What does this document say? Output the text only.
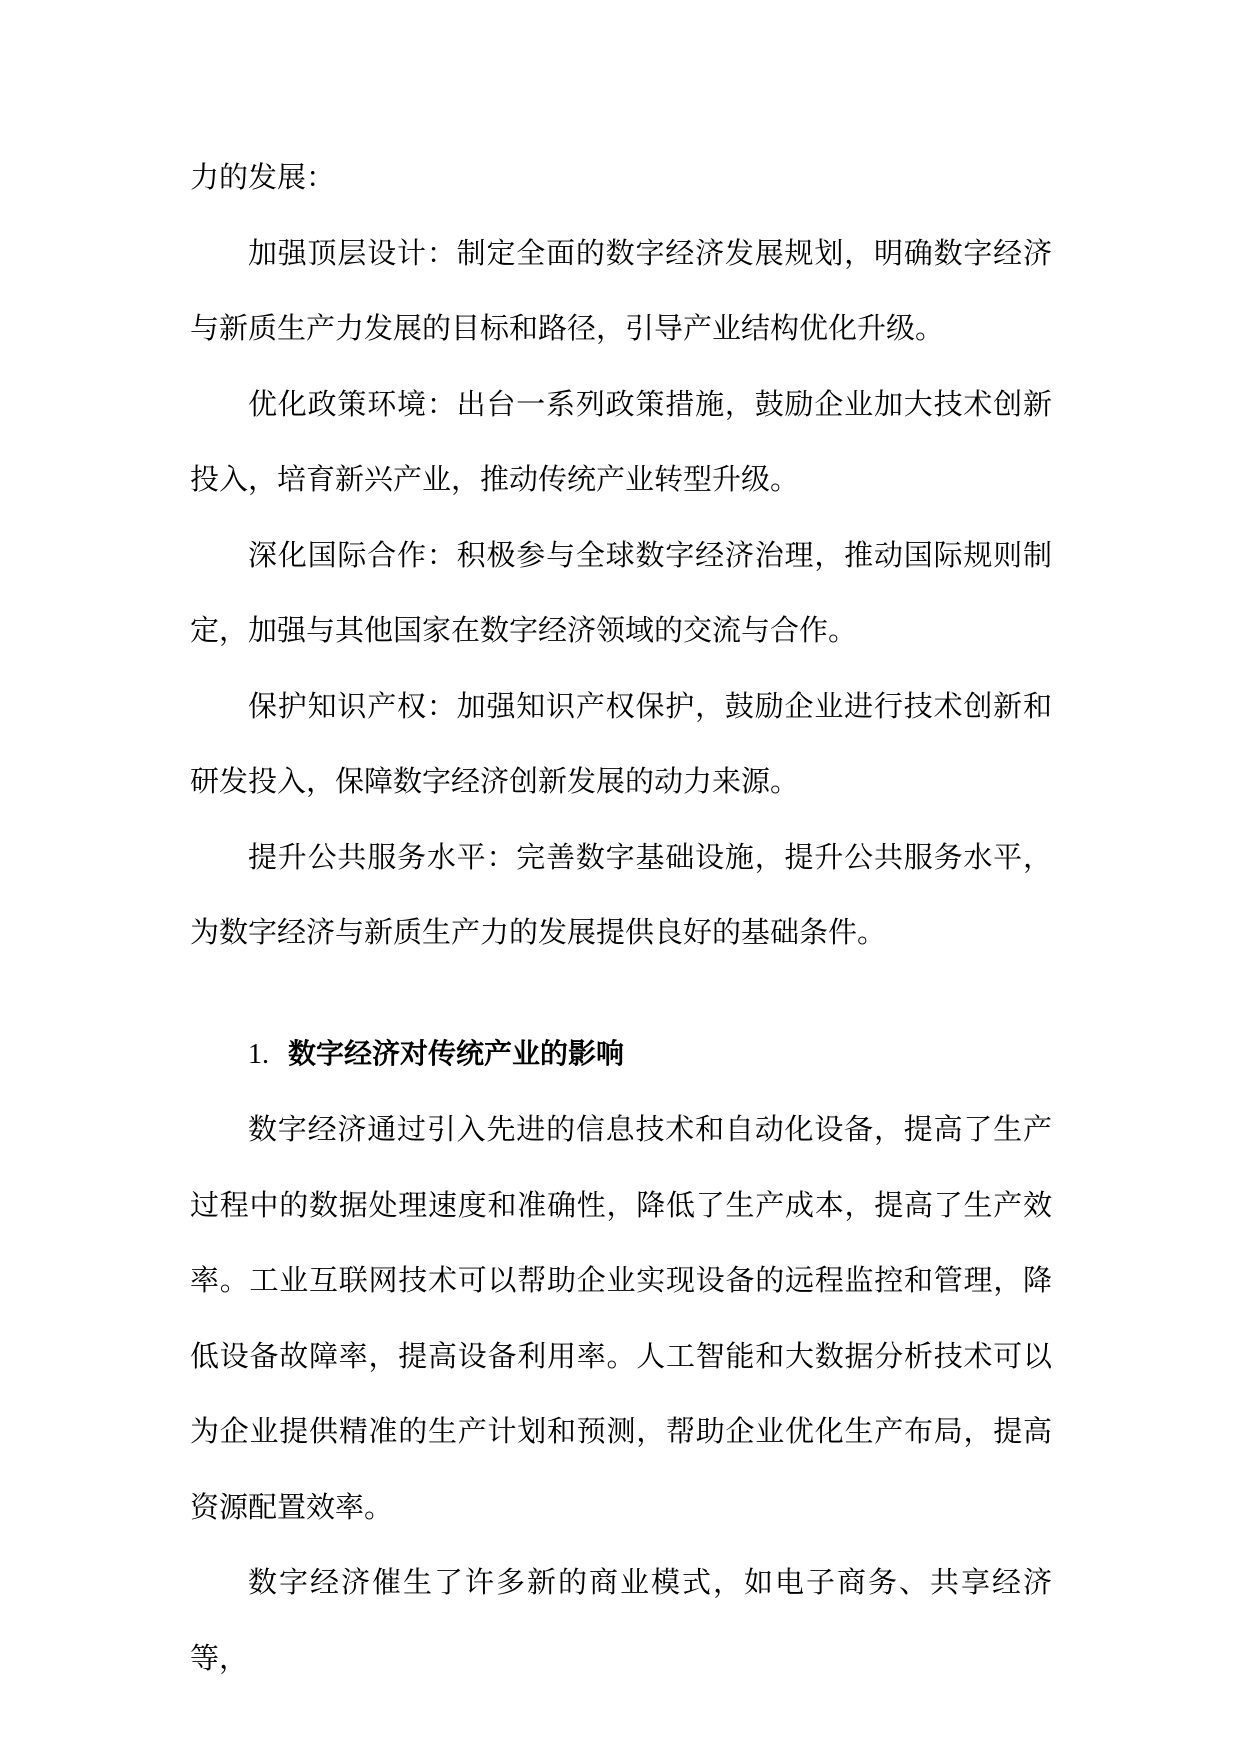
力的发展：

加强顶层设计：制定全面的数字经济发展规划，明确数字经济与新质生产力发展的目标和路径，引导产业结构优化升级。

优化政策环境：出台一系列政策措施，鼓励企业加大技术创新投入，培育新兴产业，推动传统产业转型升级。

深化国际合作：积极参与全球数字经济治理，推动国际规则制定，加强与其他国家在数字经济领域的交流与合作。

保护知识产权：加强知识产权保护，鼓励企业进行技术创新和研发投入，保障数字经济创新发展的动力来源。

提升公共服务水平：完善数字基础设施，提升公共服务水平，为数字经济与新质生产力的发展提供良好的基础条件。

1. 数字经济对传统产业的影响

数字经济通过引入先进的信息技术和自动化设备，提高了生产过程中的数据处理速度和准确性，降低了生产成本，提高了生产效率。工业互联网技术可以帮助企业实现设备的远程监控和管理，降低设备故障率，提高设备利用率。人工智能和大数据分析技术可以为企业提供精准的生产计划和预测，帮助企业优化生产布局，提高资源配置效率。

数字经济催生了许多新的商业模式，如电子商务、共享经济等，
